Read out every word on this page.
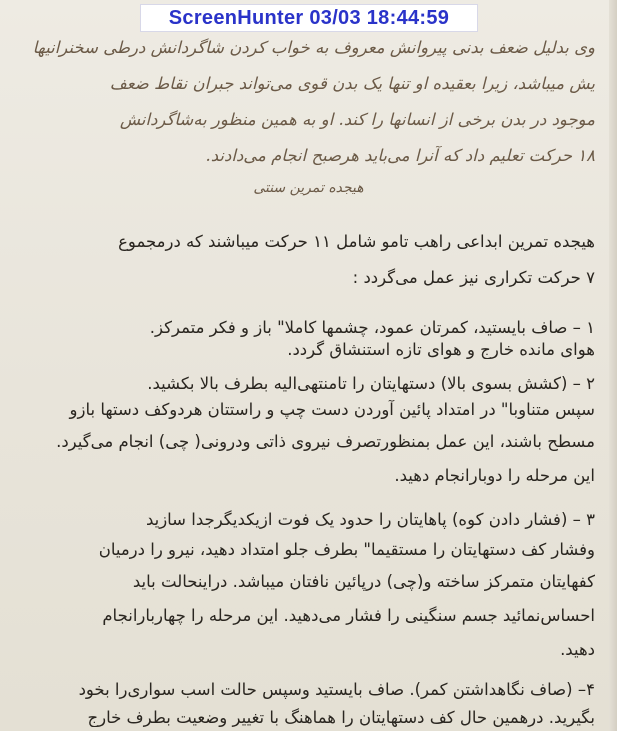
ScreenHunter 03/03 18:44:59
وی بدلیل ضعف بدنی پیروانش معروف به خواب کردن شاگردانش درطی سخنرانیها
یش میباشد، زیرا بعقیده او تنها یک بدن قوی می‌تواند جبران نقاط ضعف
موجود در بدن برخی از انسانها را کند. او به همین منظور به‌شاگردانش
۱۸ حرکت تعلیم داد که آنرا می‌باید هرصبح انجام می‌دادند.
هیجده تمرین سنتی
هیجده تمرین ابداعی راهب تامو شامل ۱۱ حرکت میباشند که درمجموع
۷ حرکت تکراری نیز عمل می‌گردد :
۱ – صاف بایستید، کمرتان عمود، چشمها کاملا" باز و فکر متمرکز.
هوای مانده خارج و هوای تازه استنشاق گردد.
۲ – (کشش بسوی بالا) دستهایتان را تامنتهی‌الیه بطرف بالا بکشید.
سپس متناوبا" در امتداد پائین آوردن دست چپ و راستتان هردوکف دستها بازو
مسطح باشند، این عمل بمنظورتصرف نیروی ذاتی ودرونی( چی) انجام می‌گیرد.
این مرحله را دوبارانجام دهید.
۳ – (فشار دادن کوه) پاهایتان را حدود یک فوت ازیکدیگرجدا سازید
وفشار کف دستهایتان را مستقیما" بطرف جلو امتداد دهید، نیرو را درمیان
کفهایتان متمرکز ساخته و(چی) درپائین نافتان میباشد. درا‌ینحالت باید
احساس‌نمائید جسم سنگینی را فشار می‌دهید. این مرحله را چهاربارانجام
دهید.
۴– (صاف نگاهداشتن کمر). صاف بایستید وسپس حالت اسب سواری‌را بخود
بگیرید. درهمین حال کف دستهایتان را هماهنگ با تغییر وضعیت بطرف خارج
